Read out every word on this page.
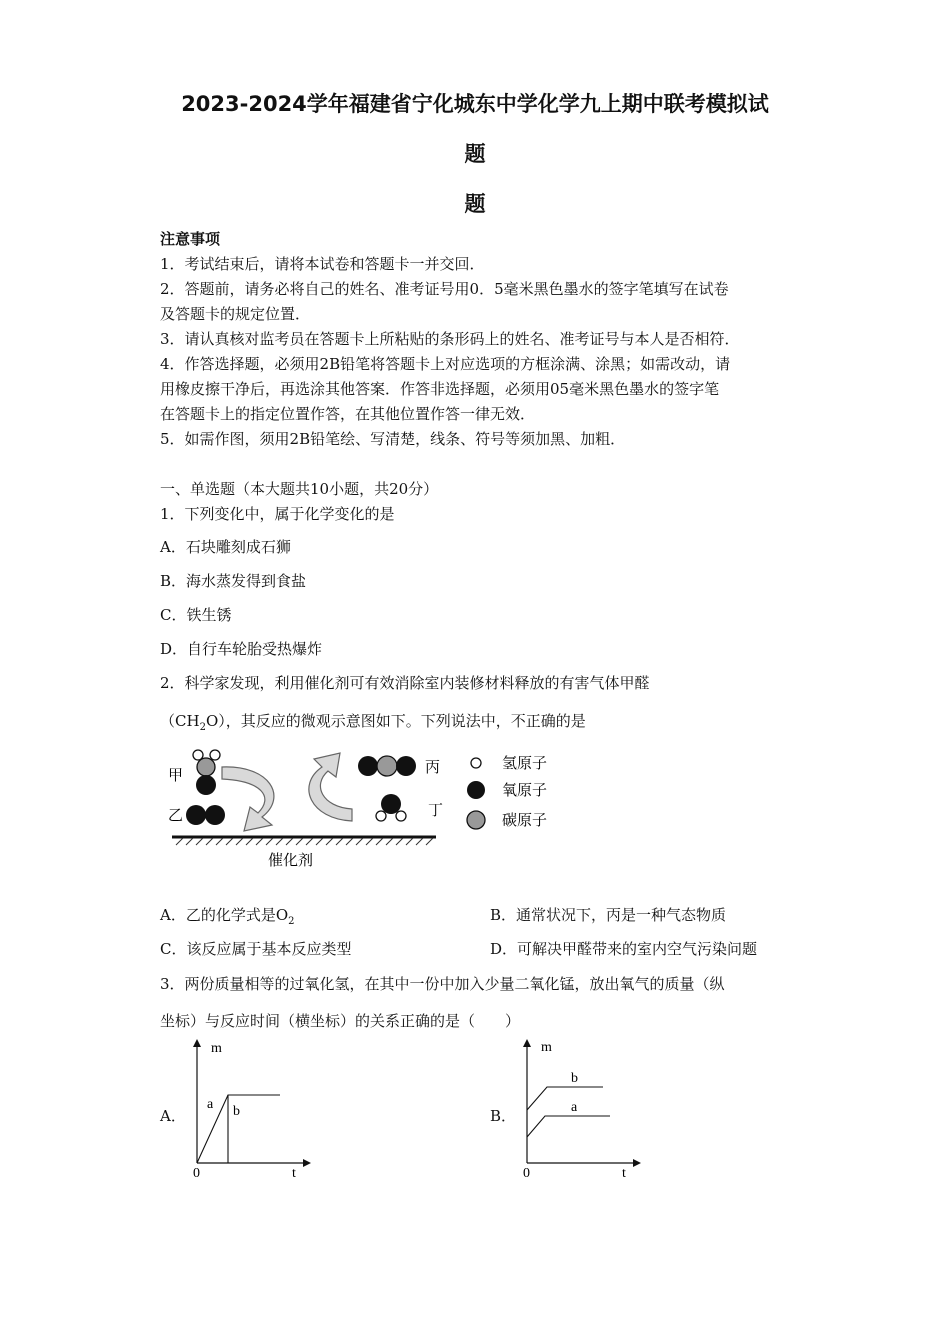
2023-2024学年福建省宁化城东中学化学九上期中联考模拟试
题
题
注意事项
1．考试结束后，请将本试卷和答题卡一并交回．
2．答题前，请务必将自己的姓名、准考证号用0．5毫米黑色墨水的签字笔填写在试卷
及答题卡的规定位置．
3．请认真核对监考员在答题卡上所粘贴的条形码上的姓名、准考证号与本人是否相符．
4．作答选择题，必须用2B铅笔将答题卡上对应选项的方框涂满、涂黑；如需改动，请
用橡皮擦干净后，再选涂其他答案．作答非选择题，必须用05毫米黑色墨水的签字笔
在答题卡上的指定位置作答，在其他位置作答一律无效．
5．如需作图，须用2B铅笔绘、写清楚，线条、符号等须加黑、加粗．
一、单选题（本大题共10小题，共20分）
1．下列变化中，属于化学变化的是
A．石块雕刻成石狮
B．海水蒸发得到食盐
C．铁生锈
D．自行车轮胎受热爆炸
2．科学家发现，利用催化剂可有效消除室内装修材料释放的有害气体甲醛
$(CH_2O)$，其反应的微观示意图如下。下列说法中，不正确的是
甲
乙
丙
丁
催化剂
氢原子
氧原子
碳原子
A．乙的化学式是$O_2$	B．通常状况下，丙是一种气态物质
C．该反应属于基本反应类型	D．可解决甲醛带来的室内空气污染问题
3．两份质量相等的过氧化氢，在其中一份中加入少量二氧化锰，放出氧气的质量（纵
坐标）与反应时间（横坐标）的关系正确的是（　　）
A．
m
t
0
a b	B．
m
t
0
b
a
